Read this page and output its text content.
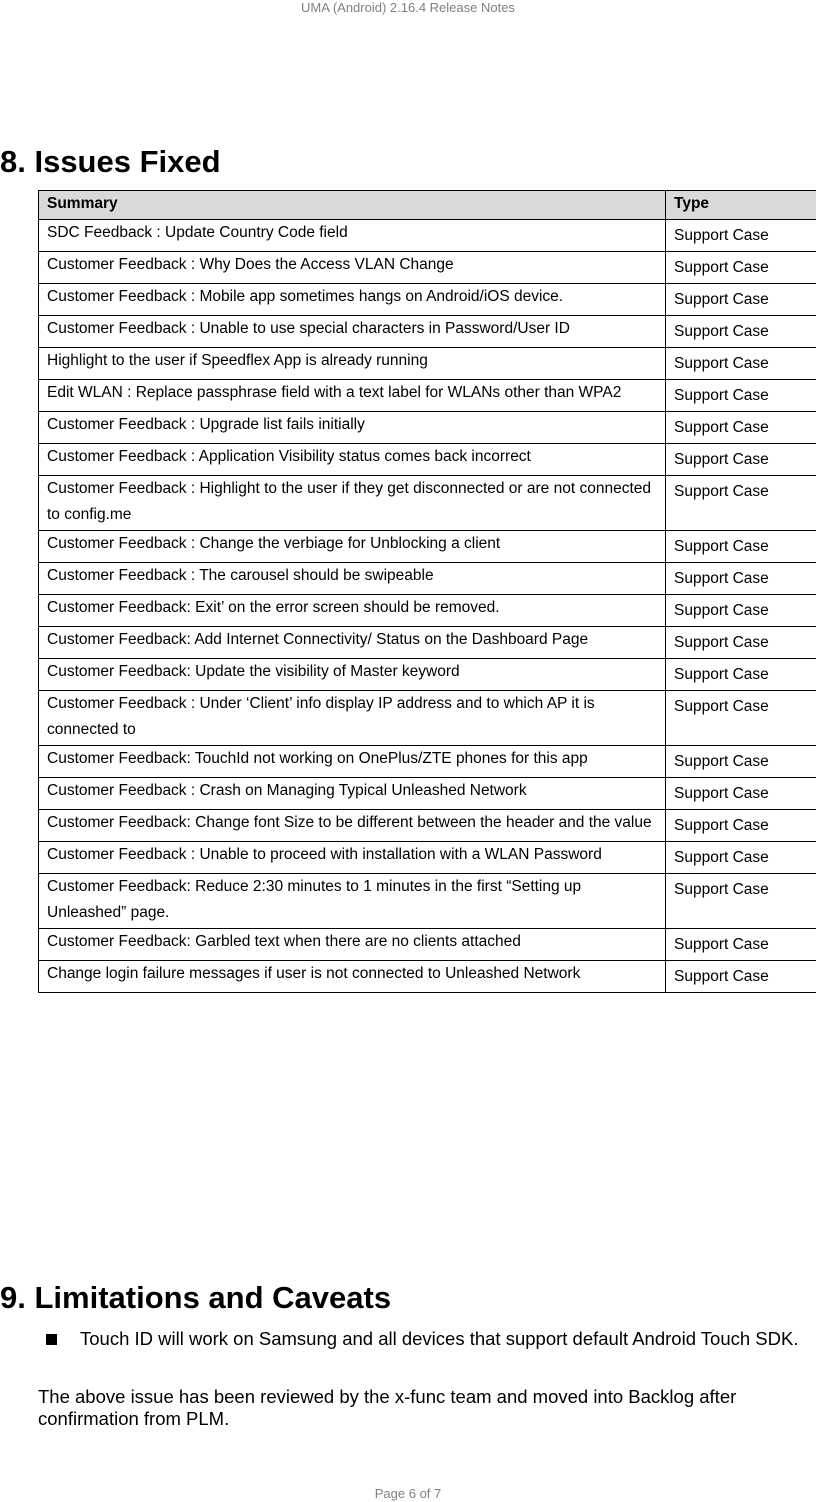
UMA (Android) 2.16.4 Release Notes
8. Issues Fixed
Summary	Type
SDC Feedback : Update Country Code field	Support Case
Customer Feedback : Why Does the Access VLAN Change	Support Case
Customer Feedback : Mobile app sometimes hangs on Android/iOS device.	Support Case
Customer Feedback : Unable to use special characters in Password/User ID	Support Case
Highlight to the user if Speedflex App is already running	Support Case
Edit WLAN : Replace passphrase field with a text label for WLANs other than WPA2	Support Case
Customer Feedback : Upgrade list fails initially	Support Case
Customer Feedback : Application Visibility status comes back incorrect	Support Case
Customer Feedback : Highlight to the user if they get disconnected or are not connected to config.me	Support Case
Customer Feedback : Change the verbiage for Unblocking a client	Support Case
Customer Feedback : The carousel should be swipeable	Support Case
Customer Feedback: Exit’ on the error screen should be removed.	Support Case
Customer Feedback: Add Internet Connectivity/ Status on the Dashboard Page	Support Case
Customer Feedback: Update the visibility of Master keyword	Support Case
Customer Feedback : Under ‘Client’ info display IP address and to which AP it is connected to	Support Case
Customer Feedback: TouchId not working on OnePlus/ZTE phones for this app	Support Case
Customer Feedback : Crash on Managing Typical Unleashed Network	Support Case
Customer Feedback: Change font Size to be different between the header and the value	Support Case
Customer Feedback : Unable to proceed with installation with a WLAN Password	Support Case
Customer Feedback: Reduce 2:30 minutes to 1 minutes in the first “Setting up Unleashed” page.	Support Case
Customer Feedback: Garbled text when there are no clients attached	Support Case
Change login failure messages if user is not connected to Unleashed Network	Support Case
9. Limitations and Caveats
Touch ID will work on Samsung and all devices that support default Android Touch SDK.

The above issue has been reviewed by the x-func team and moved into Backlog after confirmation from PLM.

Page 6 of 7
